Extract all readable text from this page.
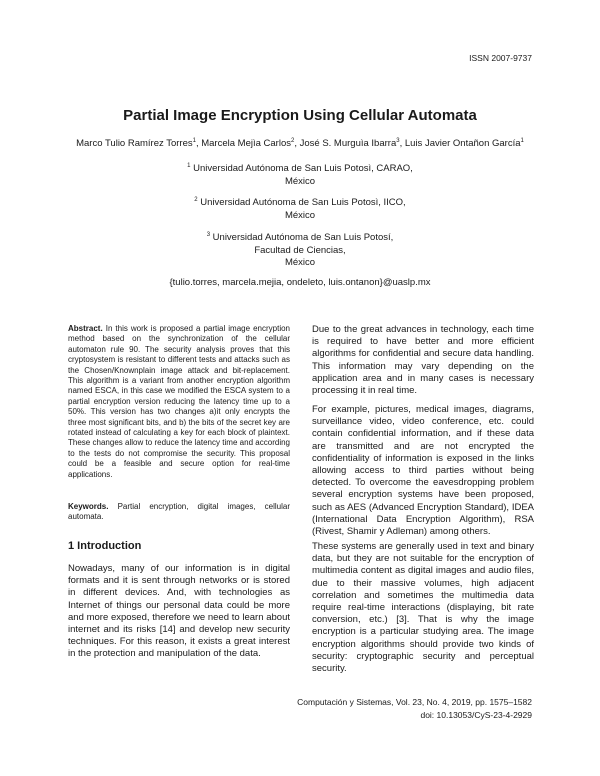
ISSN 2007-9737
Partial Image Encryption Using Cellular Automata
Marco Tulio Ramírez Torres$^1$, Marcela Mejìa Carlos$^2$, José S. Murguìa Ibarra$^3$, Luis Javier Ontañon García$^1$
$^1$ Universidad Autónoma de San Luis Potosì, CARAO,
México
$^2$ Universidad Autónoma de San Luis Potosì, IICO,
México
$^3$ Universidad Autónoma de San Luis Potosí,
Facultad de Ciencias,
México
{tulio.torres, marcela.mejia, ondeleto, luis.ontanon}@uaslp.mx
Abstract. In this work is proposed a partial image encryption method based on the synchronization of the cellular automaton rule 90. The security analysis proves that this cryptosystem is resistant to different tests and attacks such as the Chosen/Knownplain image attack and bit-replacement. This algorithm is a variant from another encryption algorithm named ESCA, in this case we modified the ESCA system to a partial encryption version reducing the latency time up to a 50%. This version has two changes a)it only encrypts the three most significant bits, and b) the bits of the secret key are rotated instead of calculating a key for each block of plaintext. These changes allow to reduce the latency time and according to the tests do not compromise the security. This proposal could be a feasible and secure option for real-time applications.
Keywords. Partial encryption, digital images, cellular automata.
1 Introduction
Nowadays, many of our information is in digital formats and it is sent through networks or is stored in different devices. And, with technologies as Internet of things our personal data could be more and more exposed, therefore we need to learn about internet and its risks [14] and develop new security techniques. For this reason, it exists a great interest in the protection and manipulation of the data.
Due to the great advances in technology, each time is required to have better and more efficient algorithms for confidential and secure data handling. This information may vary depending on the application area and in many cases is necessary processing it in real time.
For example, pictures, medical images, diagrams, surveillance video, video conference, etc. could contain confidential information, and if these data are transmitted and are not encrypted the confidentiality of information is exposed in the links allowing access to third parties without being detected. To overcome the eavesdropping problem several encryption systems have been proposed, such as AES (Advanced Encryption Standard), IDEA (International Data Encryption Algorithm), RSA (Rivest, Shamir y Adleman) among others.
These systems are generally used in text and binary data, but they are not suitable for the encryption of multimedia content as digital images and audio files, due to their massive volumes, high adjacent correlation and sometimes the multimedia data require real-time interactions (displaying, bit rate conversion, etc.) [3]. That is why the image encryption is a particular studying area. The image encryption algorithms should provide two kinds of security: cryptographic security and perceptual security.
Computación y Sistemas, Vol. 23, No. 4, 2019, pp. 1575–1582
doi: 10.13053/CyS-23-4-2929
